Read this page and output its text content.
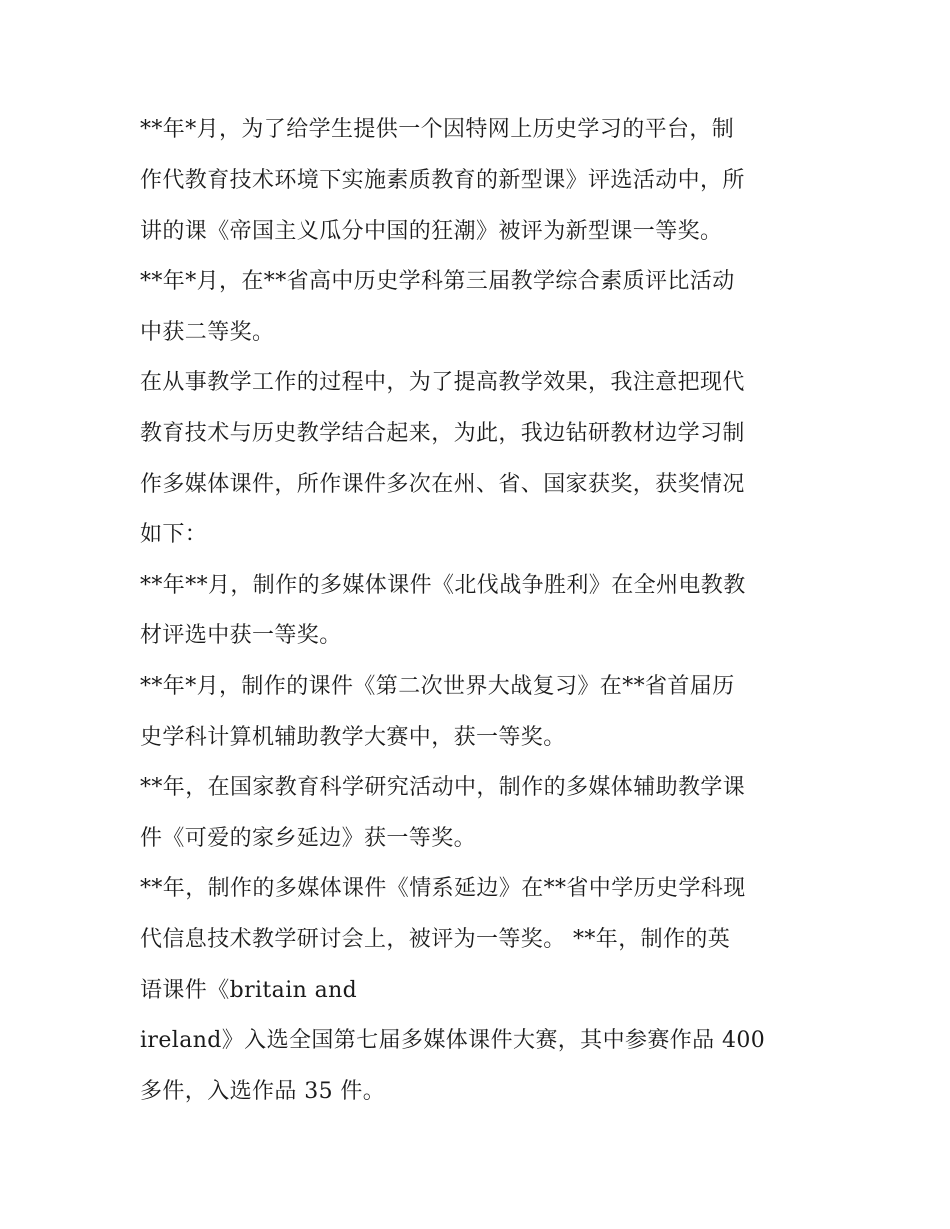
**年*月，为了给学生提供一个因特网上历史学习的平台，制
作代教育技术环境下实施素质教育的新型课》评选活动中，所
讲的课《帝国主义瓜分中国的狂潮》被评为新型课一等奖。
**年*月，在**省高中历史学科第三届教学综合素质评比活动
中获二等奖。
在从事教学工作的过程中，为了提高教学效果，我注意把现代
教育技术与历史教学结合起来，为此，我边钻研教材边学习制
作多媒体课件，所作课件多次在州、省、国家获奖，获奖情况
如下：
**年**月，制作的多媒体课件《北伐战争胜利》在全州电教教
材评选中获一等奖。
**年*月，制作的课件《第二次世界大战复习》在**省首届历
史学科计算机辅助教学大赛中，获一等奖。
**年，在国家教育科学研究活动中，制作的多媒体辅助教学课
件《可爱的家乡延边》获一等奖。
**年，制作的多媒体课件《情系延边》在**省中学历史学科现
代信息技术教学研讨会上，被评为一等奖。 **年，制作的英
语课件《britain and
ireland》入选全国第七届多媒体课件大赛，其中参赛作品 400
多件，入选作品 35 件。
